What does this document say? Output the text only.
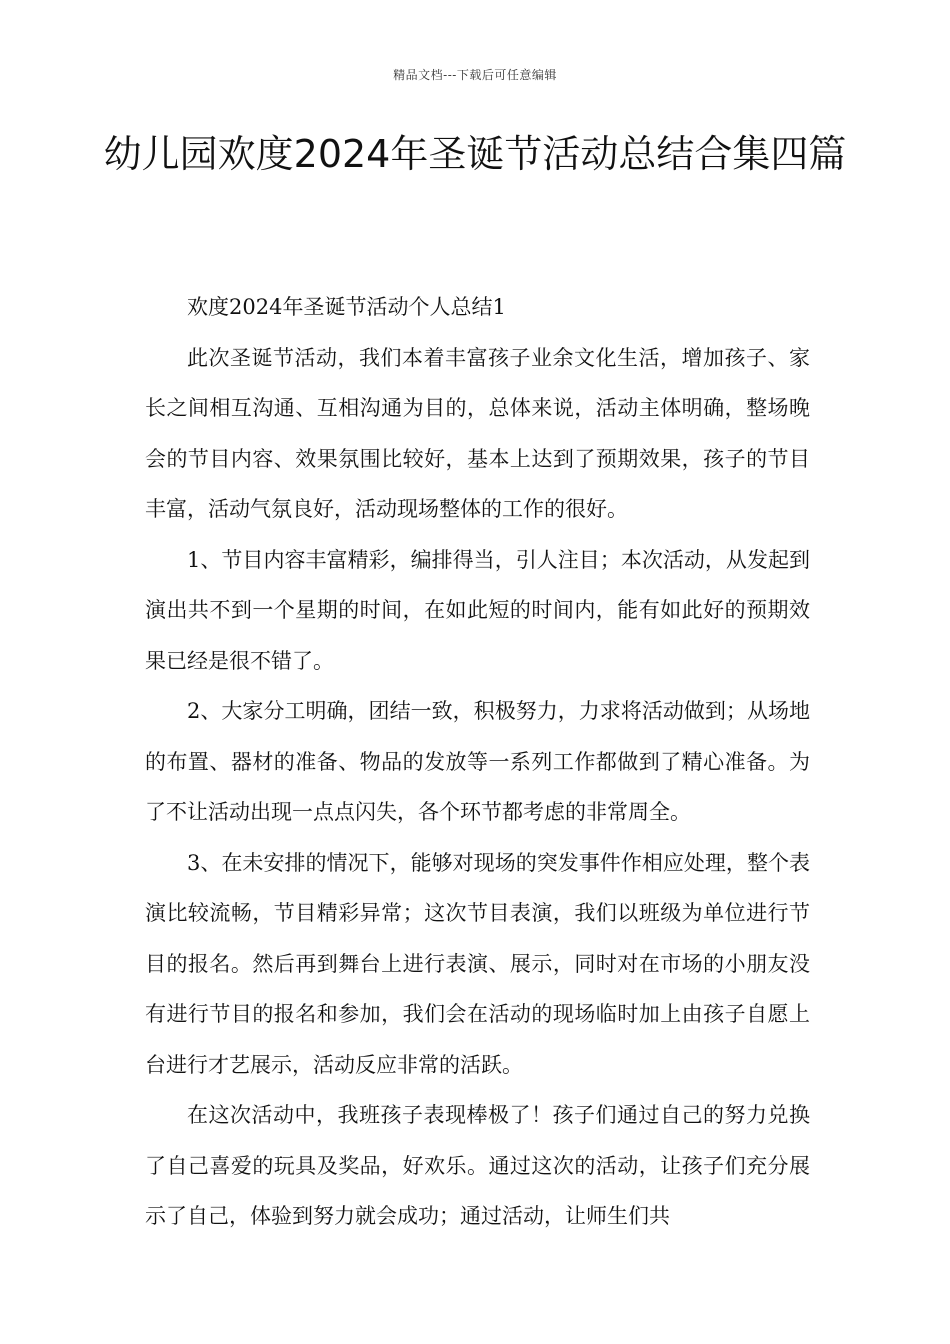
精品文档---下载后可任意编辑
幼儿园欢度2024年圣诞节活动总结合集四篇

欢度2024年圣诞节活动个人总结1

此次圣诞节活动，我们本着丰富孩子业余文化生活，增加孩子、家长之间相互沟通、互相沟通为目的，总体来说，活动主体明确，整场晚会的节目内容、效果氛围比较好，基本上达到了预期效果，孩子的节目丰富，活动气氛良好，活动现场整体的工作的很好。

1、节目内容丰富精彩，编排得当，引人注目；本次活动，从发起到演出共不到一个星期的时间，在如此短的时间内，能有如此好的预期效果已经是很不错了。

2、大家分工明确，团结一致，积极努力，力求将活动做到；从场地的布置、器材的准备、物品的发放等一系列工作都做到了精心准备。为了不让活动出现一点点闪失，各个环节都考虑的非常周全。

3、在未安排的情况下，能够对现场的突发事件作相应处理，整个表演比较流畅，节目精彩异常；这次节目表演，我们以班级为单位进行节目的报名。然后再到舞台上进行表演、展示，同时对在市场的小朋友没有进行节目的报名和参加，我们会在活动的现场临时加上由孩子自愿上台进行才艺展示，活动反应非常的活跃。

在这次活动中，我班孩子表现棒极了！孩子们通过自己的努力兑换了自己喜爱的玩具及奖品，好欢乐。通过这次的活动，让孩子们充分展示了自己，体验到努力就会成功；通过活动，让师生们共
